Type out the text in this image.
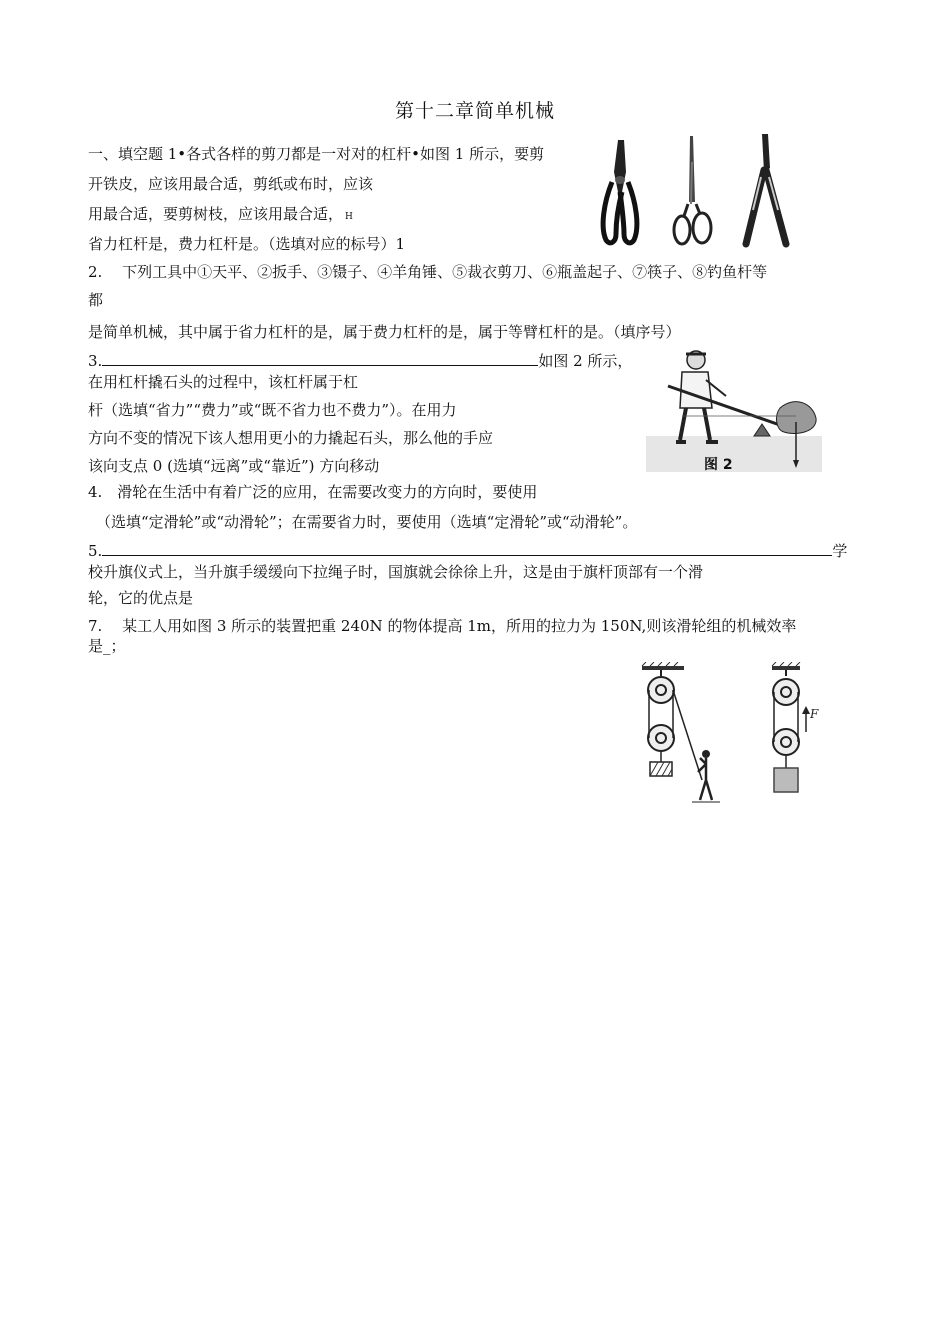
第十二章简单机械
一、填空题 1•各式各样的剪刀都是一对对的杠杆•如图 1 所示，要剪
开铁皮，应该用最合适，剪纸或布时，应该
用最合适，要剪树枝，应该用最合适， H
省力杠杆是，费力杠杆是。（选填对应的标号）1
2.　 下列工具中①天平、②扳手、③镊子、④羊角锤、⑤裁衣剪刀、⑥瓶盖起子、⑦筷子、⑧钓鱼杆等
都
是简单机械，其中属于省力杠杆的是，属于费力杠杆的是，属于等臂杠杆的是。（填序号）
3.	如图 2 所示，
在用杠杆撬石头的过程中，该杠杆属于杠
杆（选填“省力”“费力”或“既不省力也不费力”）。在用力
方向不变的情况下该人想用更小的力撬起石头，那么他的手应
该向支点 0 (选填“远离”或“靠近”) 方向移动	图 2
4.　滑轮在生活中有着广泛的应用，在需要改变力的方向时，要使用
（选填“定滑轮”或“动滑轮”；在需要省力时，要使用（选填“定滑轮”或“动滑轮”。
5.	学
校升旗仪式上，当升旗手缓缓向下拉绳子时，国旗就会徐徐上升，这是由于旗杆顶部有一个滑
轮，它的优点是
7.　 某工人用如图 3 所示的装置把重 240N 的物体提高 1m，所用的拉力为 150N,则该滑轮组的机械效率
是_；
F
